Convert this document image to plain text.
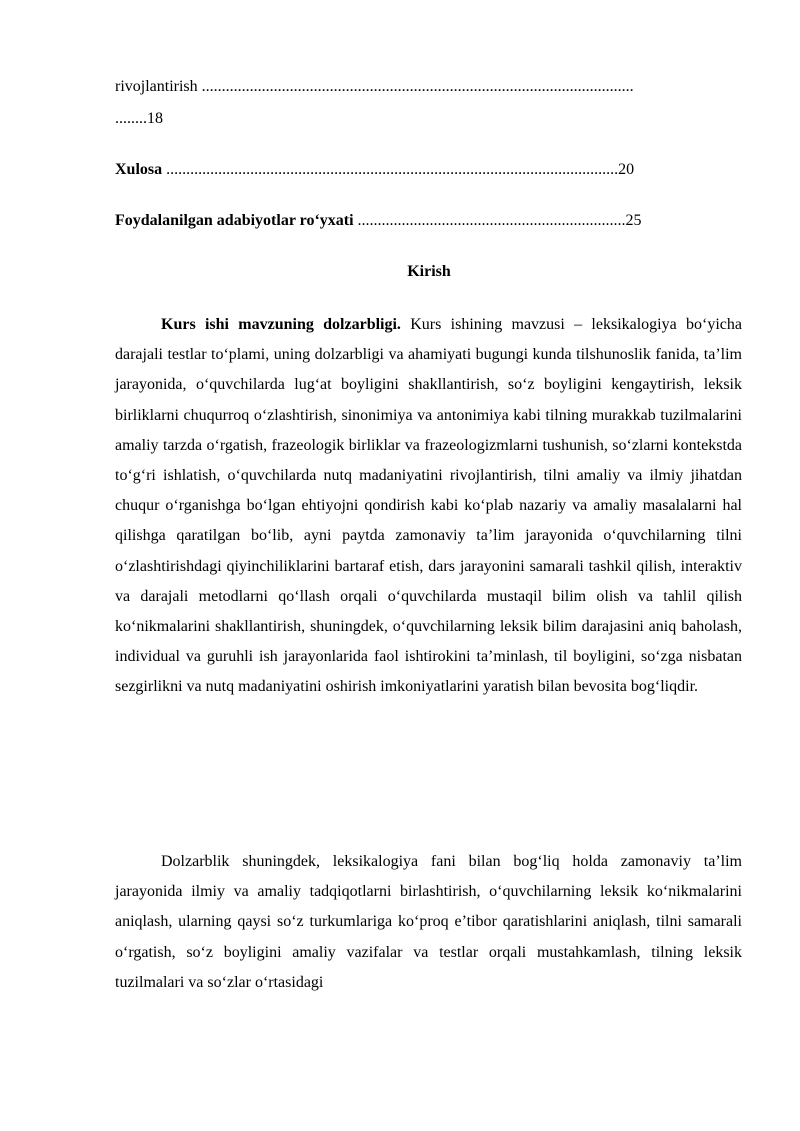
rivojlantirish ............................................................................................................
........18
Xulosa .................................................................................................................20
Foydalanilgan adabiyotlar ro‘yxati ...................................................................25
Kirish
Kurs ishi mavzuning dolzarbligi. Kurs ishining mavzusi – leksikalogiya bo‘yicha darajali testlar to‘plami, uning dolzarbligi va ahamiyati bugungi kunda tilshunoslik fanida, ta’lim jarayonida, o‘quvchilarda lug‘at boyligini shakllantirish, so‘z boyligini kengaytirish, leksik birliklarni chuqurroq o‘zlashtirish, sinonimiya va antonimiya kabi tilning murakkab tuzilmalarini amaliy tarzda o‘rgatish, frazeologik birliklar va frazeologizmlarni tushunish, so‘zlarni kontekstda to‘g‘ri ishlatish, o‘quvchilarda nutq madaniyatini rivojlantirish, tilni amaliy va ilmiy jihatdan chuqur o‘rganishga bo‘lgan ehtiyojni qondirish kabi ko‘plab nazariy va amaliy masalalarni hal qilishga qaratilgan bo‘lib, ayni paytda zamonaviy ta’lim jarayonida o‘quvchilarning tilni o‘zlashtirishdagi qiyinchiliklarini bartaraf etish, dars jarayonini samarali tashkil qilish, interaktiv va darajali metodlarni qo‘llash orqali o‘quvchilarda mustaqil bilim olish va tahlil qilish ko‘nikmalarini shakllantirish, shuningdek, o‘quvchilarning leksik bilim darajasini aniq baholash, individual va guruhli ish jarayonlarida faol ishtirokini ta’minlash, til boyligini, so‘zga nisbatan sezgirlikni va nutq madaniyatini oshirish imkoniyatlarini yaratish bilan bevosita bog‘liqdir.
Dolzarblik shuningdek, leksikalogiya fani bilan bog‘liq holda zamonaviy ta’lim jarayonida ilmiy va amaliy tadqiqotlarni birlashtirish, o‘quvchilarning leksik ko‘nikmalarini aniqlash, ularning qaysi so‘z turkumlariga ko‘proq e’tibor qaratishlarini aniqlash, tilni samarali o‘rgatish, so‘z boyligini amaliy vazifalar va testlar orqali mustahkamlash, tilning leksik tuzilmalari va so‘zlar o‘rtasidagi
